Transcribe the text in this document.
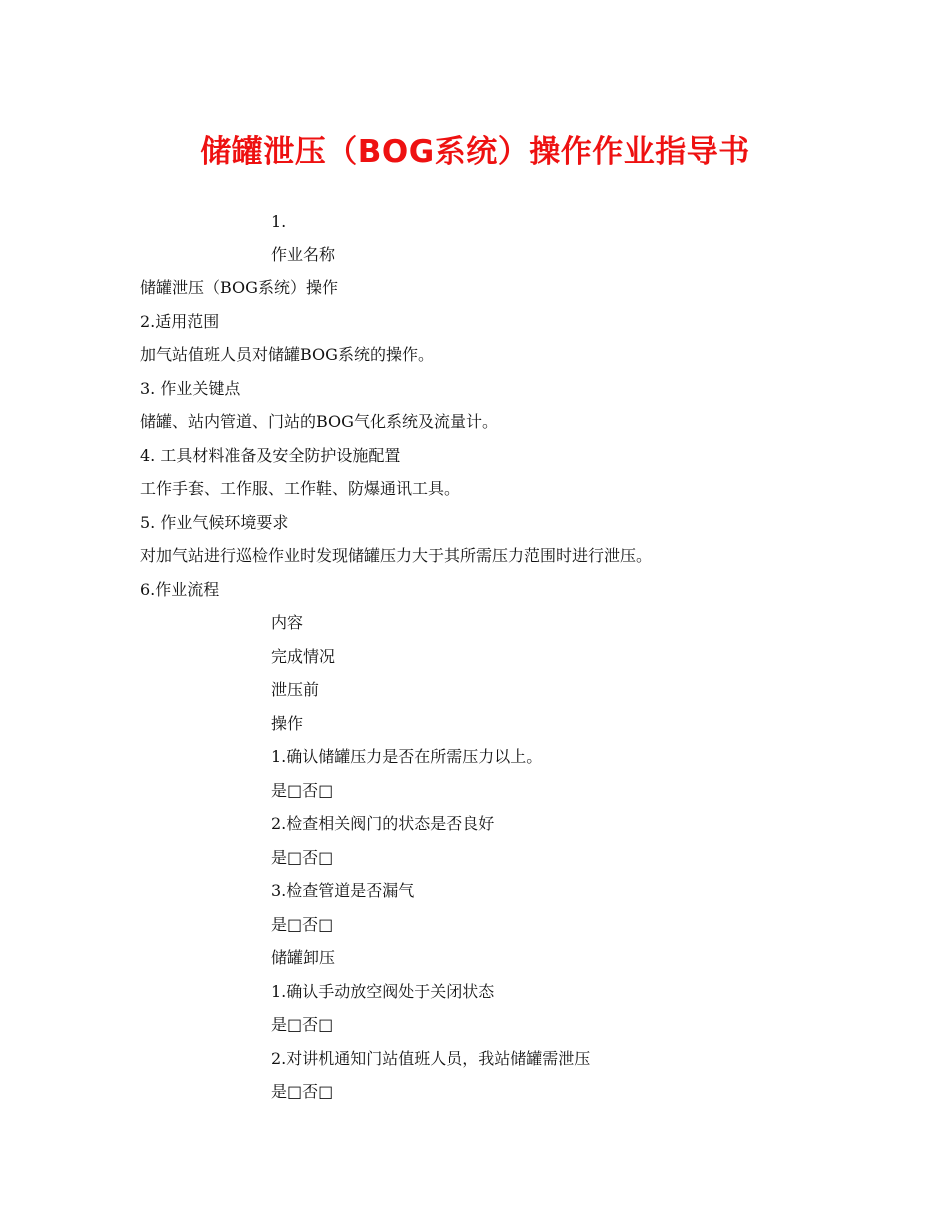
储罐泄压（BOG系统）操作作业指导书
1.
作业名称
储罐泄压（BOG系统）操作
2.适用范围
加气站值班人员对储罐BOG系统的操作。
3. 作业关键点
储罐、站内管道、门站的BOG气化系统及流量计。
4. 工具材料准备及安全防护设施配置
工作手套、工作服、工作鞋、防爆通讯工具。
5. 作业气候环境要求
对加气站进行巡检作业时发现储罐压力大于其所需压力范围时进行泄压。
6.作业流程
内容
完成情况
泄压前
操作
1.确认储罐压力是否在所需压力以上。
是□否□
2.检查相关阀门的状态是否良好
是□否□
3.检查管道是否漏气
是□否□
储罐卸压
1.确认手动放空阀处于关闭状态
是□否□
2.对讲机通知门站值班人员，我站储罐需泄压
是□否□
